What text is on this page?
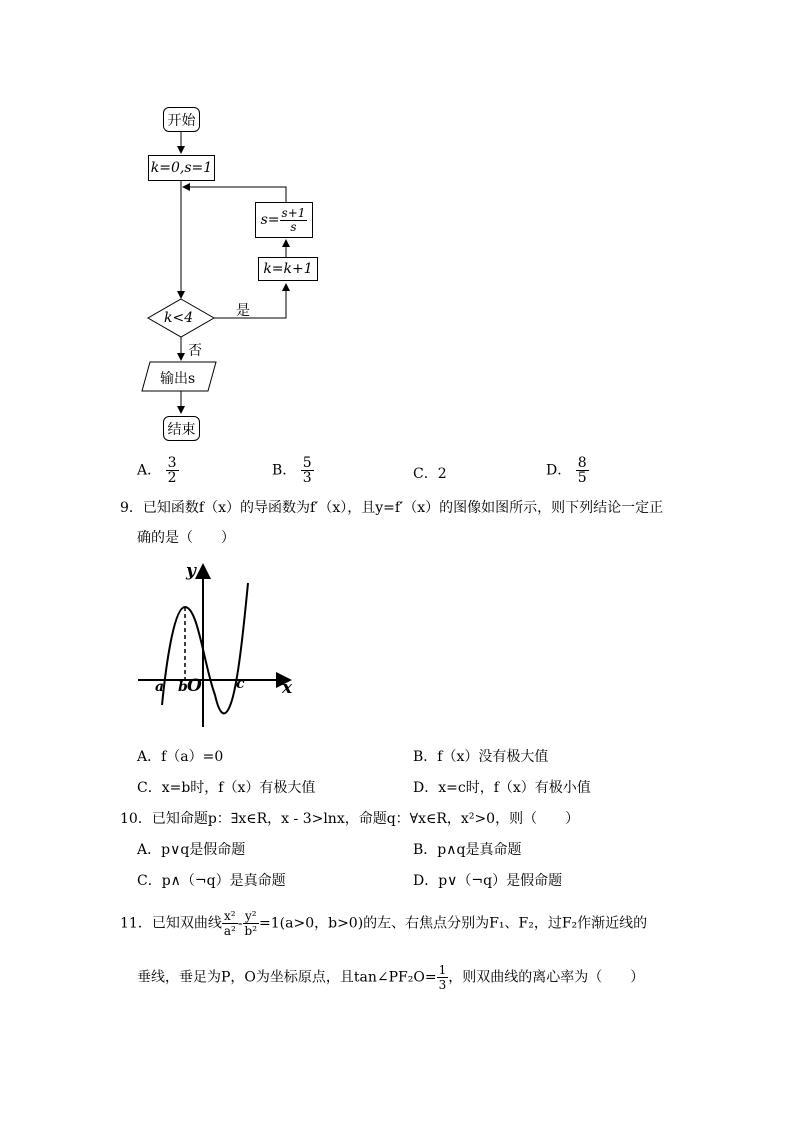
开始
k=0,s=1
$s= \frac{s+1}{s}$
k=k+1
k<4	是
否
输出s
结束
A． $\frac{3}{2}$	B． $\frac{5}{3}$	C．2	D． $\frac{8}{5}$
9．已知函数f（x）的导函数为f′（x），且y=f′（x）的图像如图所示，则下列结论一定正
确的是（　　）
y
x
a b O c
A．f（a）=0	B．f（x）没有极大值
C．x=b时，f（x）有极大值	D．x=c时，f（x）有极小值
10．已知命题p：∃x∈R，x - 3>lnx，命题q：∀x∈R，x²>0，则（　　）
A．p∨q是假命题	B．p∧q是真命题
C．p∧（¬q）是真命题	D．p∨（¬q）是假命题
11．已知双曲线 $\frac{\text{x²}}{\text{a²}} - \frac{\text{y²}}{\text{b²}} =1(a>0$，b>0)的左、右焦点分别为F₁、F₂，过F₂作渐近线的
垂线，垂足为P，O为坐标原点，且tan∠PF₂O= $\frac{1}{3}$ ，则双曲线的离心率为（　　）
